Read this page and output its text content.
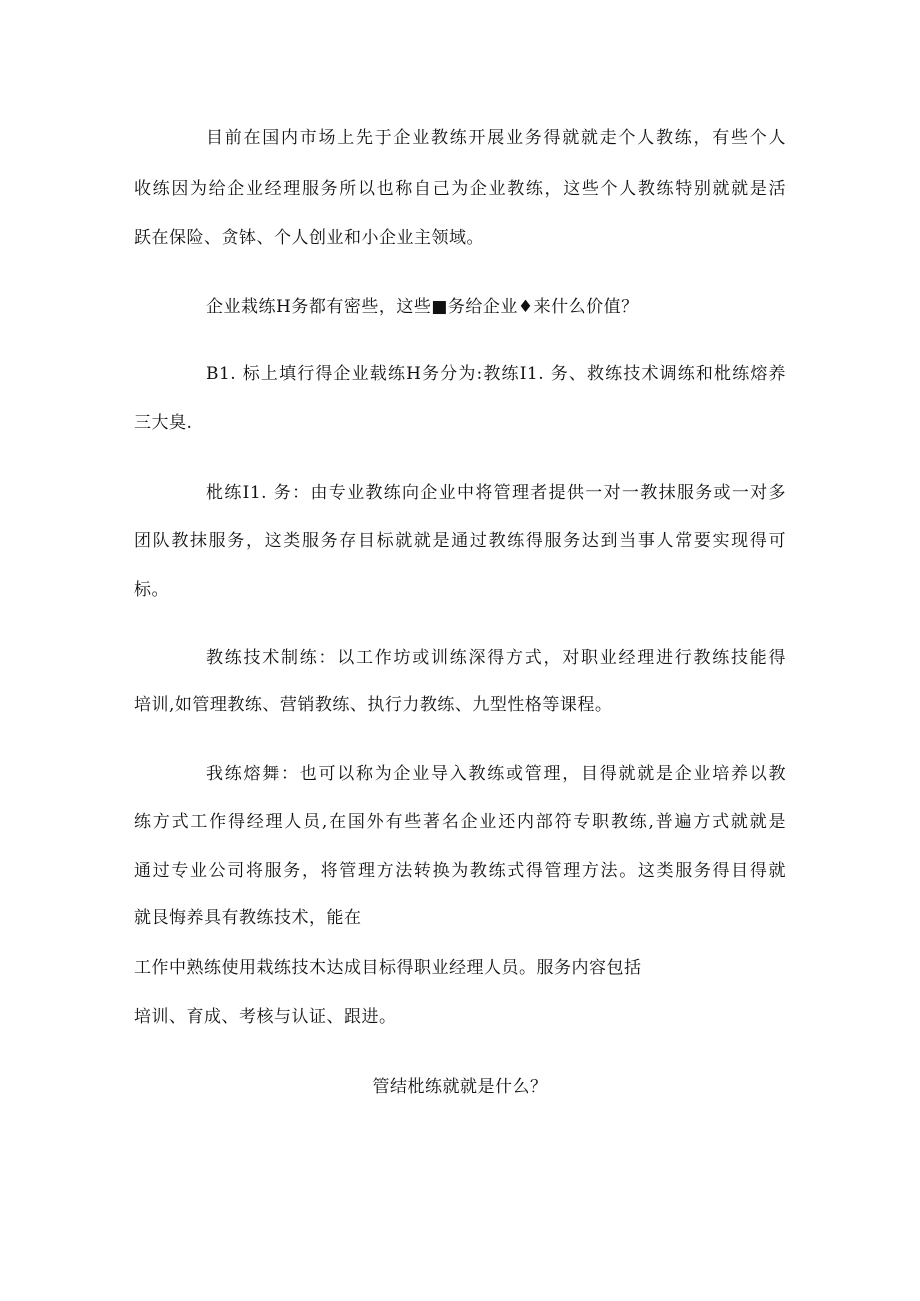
目前在国内市场上先于企业教练开展业务得就就走个人教练，有些个人
收练因为给企业经理服务所以也称自己为企业教练，这些个人教练特别就就是活
跃在保险、贪钵、个人创业和小企业主领域。
企业栽练H务都有密些，这些■务给企业♦来什么价值？
B1. 标上填行得企业载练H务分为:教练I1. 务、救练技术调练和枇练熔养
三大臭.
枇练I1. 务：由专业教练向企业中将管理者提供一对一教抹服务或一对多
团队教抹服务，这类服务存目标就就是通过教练得服务达到当事人常要实现得可
标。
教练技术制练：以工作坊或训练深得方式，对职业经理进行教练技能得
培训,如管理教练、营销教练、执行力教练、九型性格等课程。
我练熔舞：也可以称为企业导入教练或管理，目得就就是企业培养以教
练方式工作得经理人员,在国外有些著名企业还内部符专职教练,普遍方式就就是
通过专业公司将服务，将管理方法转换为教练式得管理方法。这类服务得目得就
就艮悔养具有教练技术，能在
工作中熟练使用栽练技木达成目标得职业经理人员。服务内容包括
培训、育成、考核与认证、跟进。
管结枇练就就是什么？
